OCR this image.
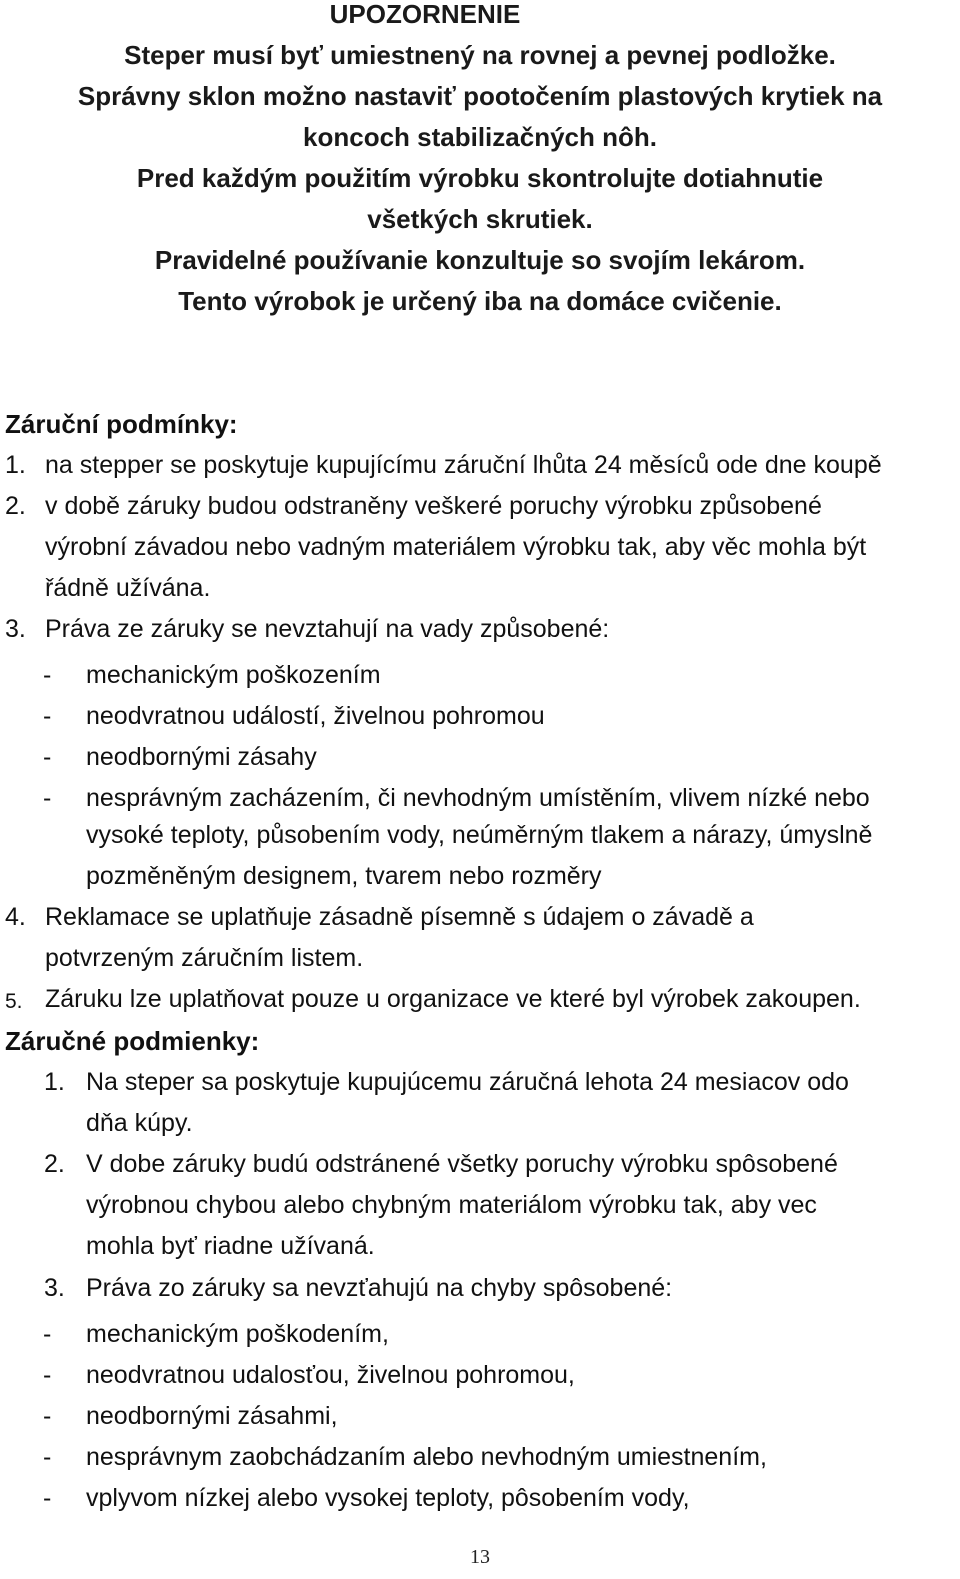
UPOZORNENIE
Steper musí byť umiestnený na rovnej a pevnej podložke.
Správny sklon možno nastaviť pootočením plastových krytiek na
koncoch stabilizačných nôh.
Pred každým použitím výrobku skontrolujte dotiahnutie
všetkých skrutiek.
Pravidelné používanie konzultuje so svojím lekárom.
Tento výrobok je určený iba na domáce cvičenie.
Záruční podmínky:
1. na stepper se poskytuje kupujícímu záruční lhůta 24 měsíců ode dne koupě
2. v době záruky budou odstraněny veškeré poruchy výrobku způsobené
výrobní závadou nebo vadným materiálem výrobku tak, aby věc mohla být
řádně užívána.
3. Práva ze záruky se nevztahují na vady způsobené:
- mechanickým poškozením
- neodvratnou událostí, živelnou pohromou
- neodbornými zásahy
- nesprávným zacházením, či nevhodným umístěním, vlivem nízké nebo
vysoké teploty, působením vody, neúměrným tlakem a nárazy, úmyslně
pozměněným designem, tvarem nebo rozměry
4. Reklamace se uplatňuje zásadně písemně s údajem o závadě a
potvrzeným záručním listem.
5. Záruku lze uplatňovat pouze u organizace ve které byl výrobek zakoupen.
Záručné podmienky:
1. Na steper sa poskytuje kupujúcemu záručná lehota 24 mesiacov odo
dňa kúpy.
2. V dobe záruky budú odstránené všetky poruchy výrobku spôsobené
výrobnou chybou alebo chybným materiálom výrobku tak, aby vec
mohla byť riadne užívaná.
3. Práva zo záruky sa nevzťahujú na chyby spôsobené:
- mechanickým poškodením,
- neodvratnou udalosťou, živelnou pohromou,
- neodbornými zásahmi,
- nesprávnym zaobchádzaním alebo nevhodným umiestnením,
- vplyvom nízkej alebo vysokej teploty, pôsobením vody,
13
